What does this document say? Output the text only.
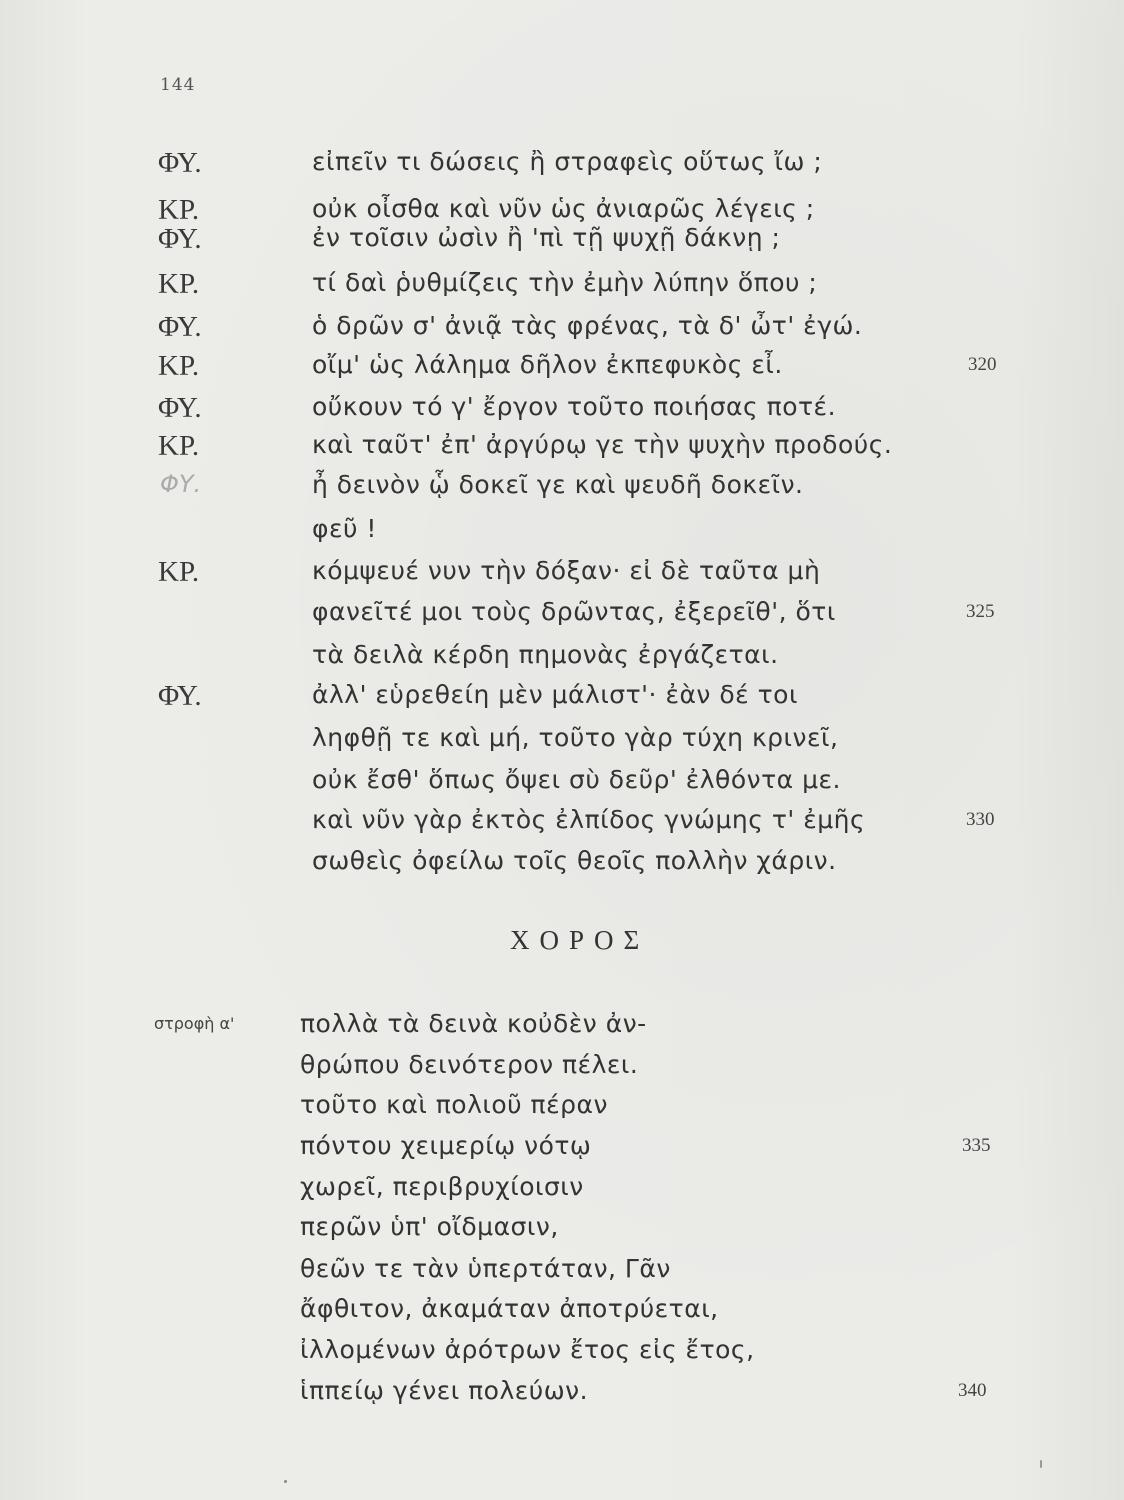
144
ΦΥ.	εἰπεῖν τι δώσεις ἢ στραφεὶς οὕτως ἴω ;
ΚΡ.	οὐκ οἶσθα καὶ νῦν ὡς ἀνιαρῶς λέγεις ;
ΦΥ.	ἐν τοῖσιν ὠσὶν ἢ 'πὶ τῇ ψυχῇ δάκνῃ ;
ΚΡ.	τί δαὶ ῥυθμίζεις τὴν ἐμὴν λύπην ὅπου ;
ΦΥ.	ὁ δρῶν σ' ἀνιᾷ τὰς φρένας, τὰ δ' ὦτ' ἐγώ.
ΚΡ.	οἴμ' ὡς λάλημα δῆλον ἐκπεφυκὸς εἶ.	320
ΦΥ.	οὔκουν τό γ' ἔργον τοῦτο ποιήσας ποτέ.
ΚΡ.	καὶ ταῦτ' ἐπ' ἀργύρῳ γε τὴν ψυχὴν προδούς.
ΦΥ.	ἦ δεινὸν ᾧ δοκεῖ γε καὶ ψευδῆ δοκεῖν.
φεῦ !
ΚΡ.	κόμψευέ νυν τὴν δόξαν· εἰ δὲ ταῦτα μὴ
φανεῖτέ μοι τοὺς δρῶντας, ἐξερεῖθ', ὅτι	325
τὰ δειλὰ κέρδη πημονὰς ἐργάζεται.
ΦΥ.	ἀλλ' εὑρεθείη μὲν μάλιστ'· ἐὰν δέ τοι
ληφθῇ τε καὶ μή, τοῦτο γὰρ τύχη κρινεῖ,
οὐκ ἔσθ' ὅπως ὄψει σὺ δεῦρ' ἐλθόντα με.
καὶ νῦν γὰρ ἐκτὸς ἐλπίδος γνώμης τ' ἐμῆς	330
σωθεὶς ὀφείλω τοῖς θεοῖς πολλὴν χάριν.
ΧΟΡΟΣ
στροφὴ α'	πολλὰ τὰ δεινὰ κοὐδὲν ἀν-
θρώπου δεινότερον πέλει.
τοῦτο καὶ πολιοῦ πέραν
πόντου χειμερίῳ νότῳ	335
χωρεῖ, περιβρυχίοισιν
περῶν ὑπ' οἴδμασιν,
θεῶν τε τὰν ὑπερτάταν, Γᾶν
ἄφθιτον, ἀκαμάταν ἀποτρύεται,
ἰλλομένων ἀρότρων ἔτος εἰς ἔτος,
ἱππείῳ γένει πολεύων.	340
